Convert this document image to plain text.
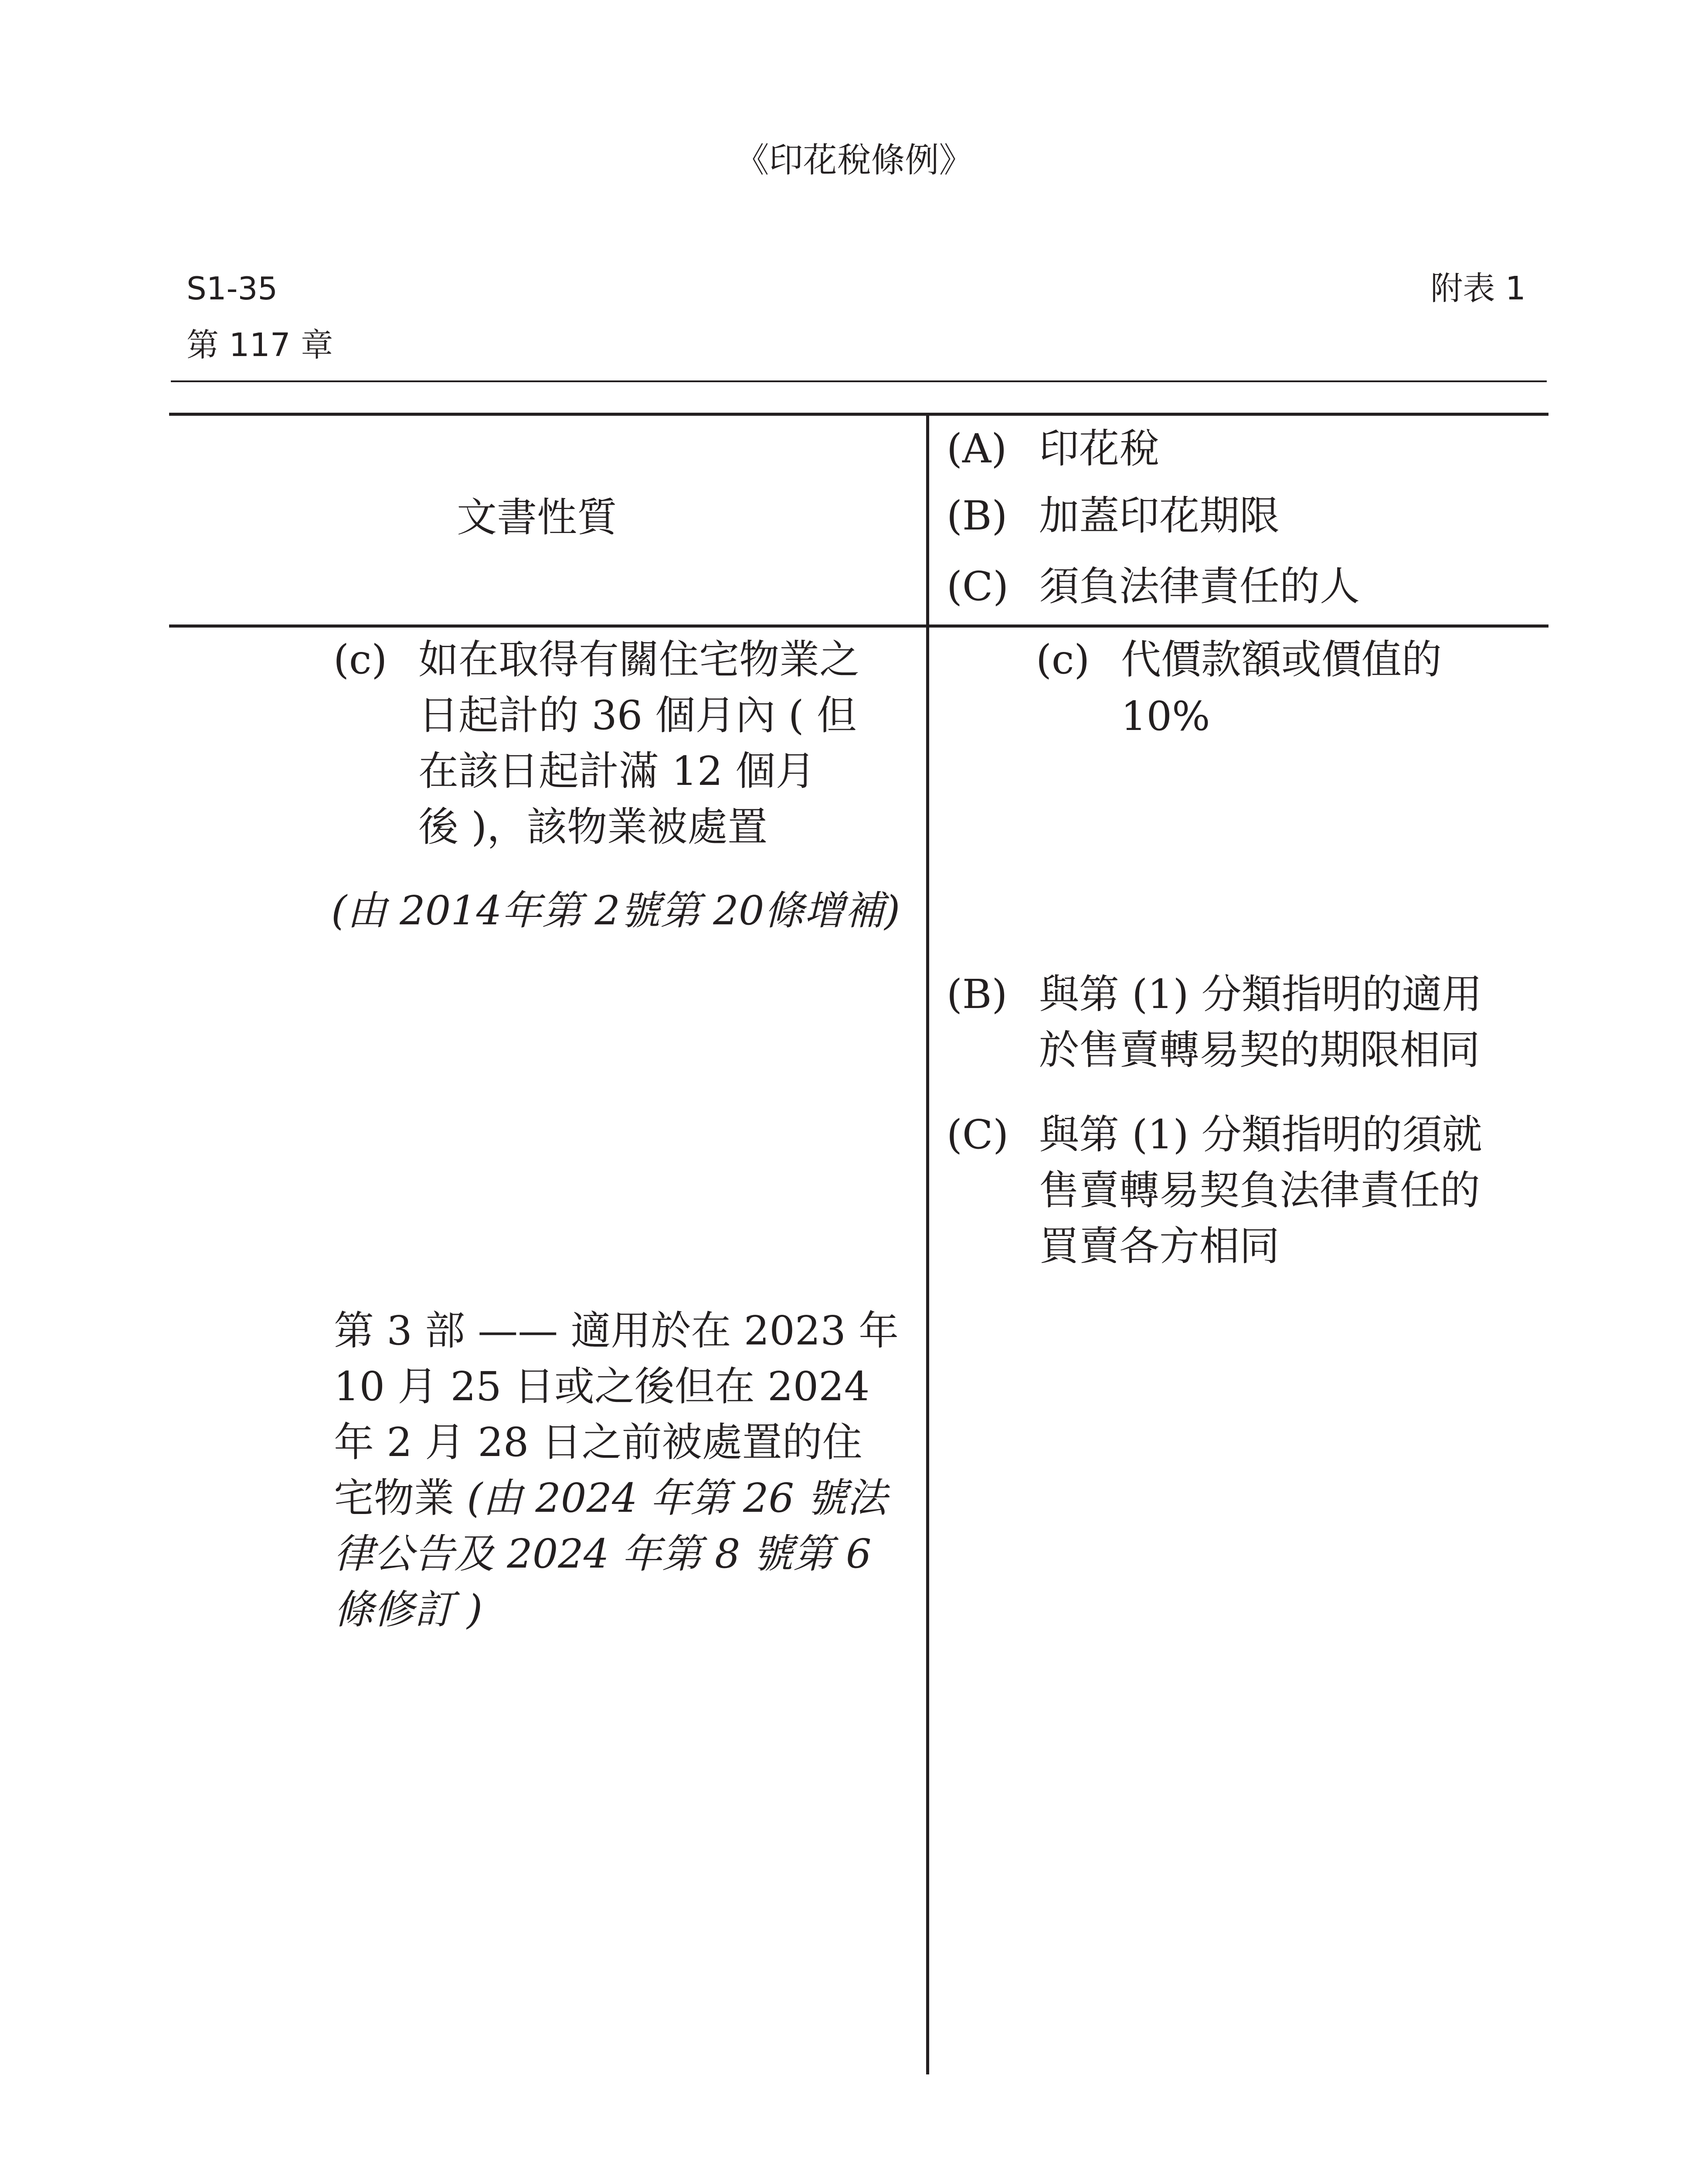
《印花稅條例》
S1-35
第 117 章
附表 1
文書性質
(A) 印花稅
(B) 加蓋印花期限
(C) 須負法律責任的人
(c) 如在取得有關住宅物業之
日起計的 36 個月內 ( 但
在該日起計滿 12 個月
後 )，該物業被處置
(由 2014年第 2號第 20條增補)
(c) 代價款額或價值的
10%
(B) 與第 (1) 分類指明的適用
於售賣轉易契的期限相同
(C) 與第 (1) 分類指明的須就
售賣轉易契負法律責任的
買賣各方相同
第 3 部 —— 適用於在 2023 年
10 月 25 日或之後但在 2024
年 2 月 28 日之前被處置的住
宅物業 (由 2024 年第 26 號法
律公告及 2024 年第 8 號第 6
條修訂 )
